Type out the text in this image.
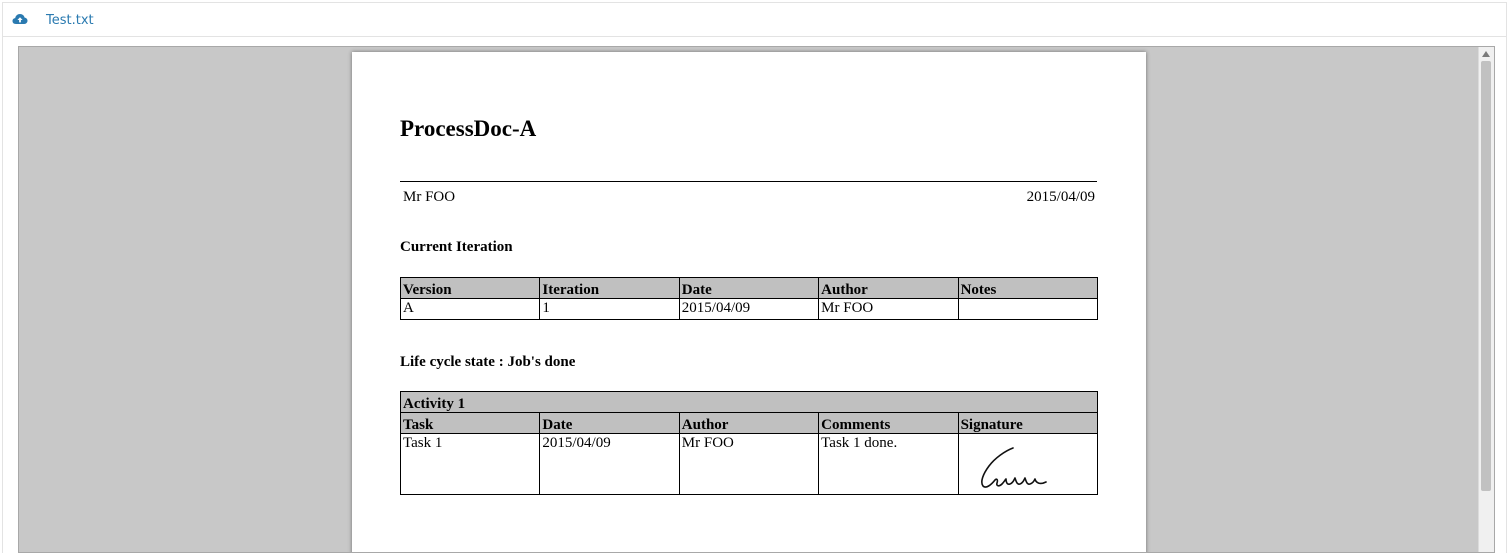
Test.txt
ProcessDoc-A
Mr FOO	2015/04/09
Current Iteration
Version	Iteration	Date	Author	Notes
A	1	2015/04/09	Mr FOO	
Life cycle state : Job's done
Activity 1				
Task	Date	Author	Comments	Signature
Task 1	2015/04/09	Mr FOO	Task 1 done.	
